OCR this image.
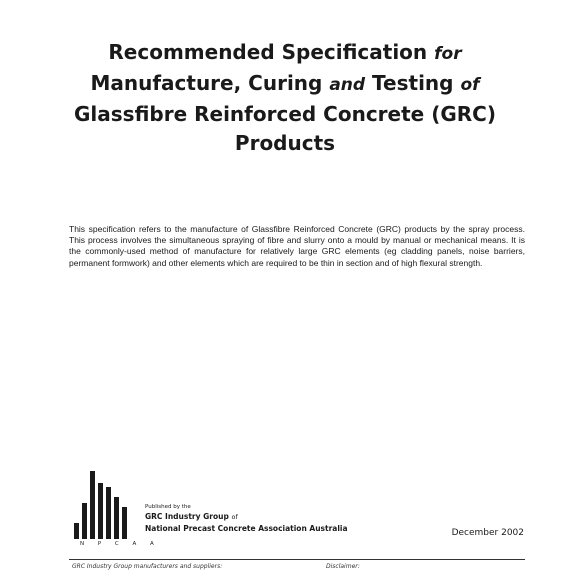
Recommended Specification for
Manufacture, Curing and Testing of
Glassfibre Reinforced Concrete (GRC)
Products

This specification refers to the manufacture of Glassfibre Reinforced Concrete (GRC) products by the spray process. This process involves the simultaneous spraying of fibre and slurry onto a mould by manual or mechanical means. It is the commonly-used method of manufacture for relatively large GRC elements (eg cladding panels, noise barriers, permanent formwork) and other elements which are required to be thin in section and of high flexural strength.

N P C A A
Published by the
GRC Industry Group of
National Precast Concrete Association Australia	December 2002
GRC Industry Group manufacturers and suppliers:	Disclaimer:
